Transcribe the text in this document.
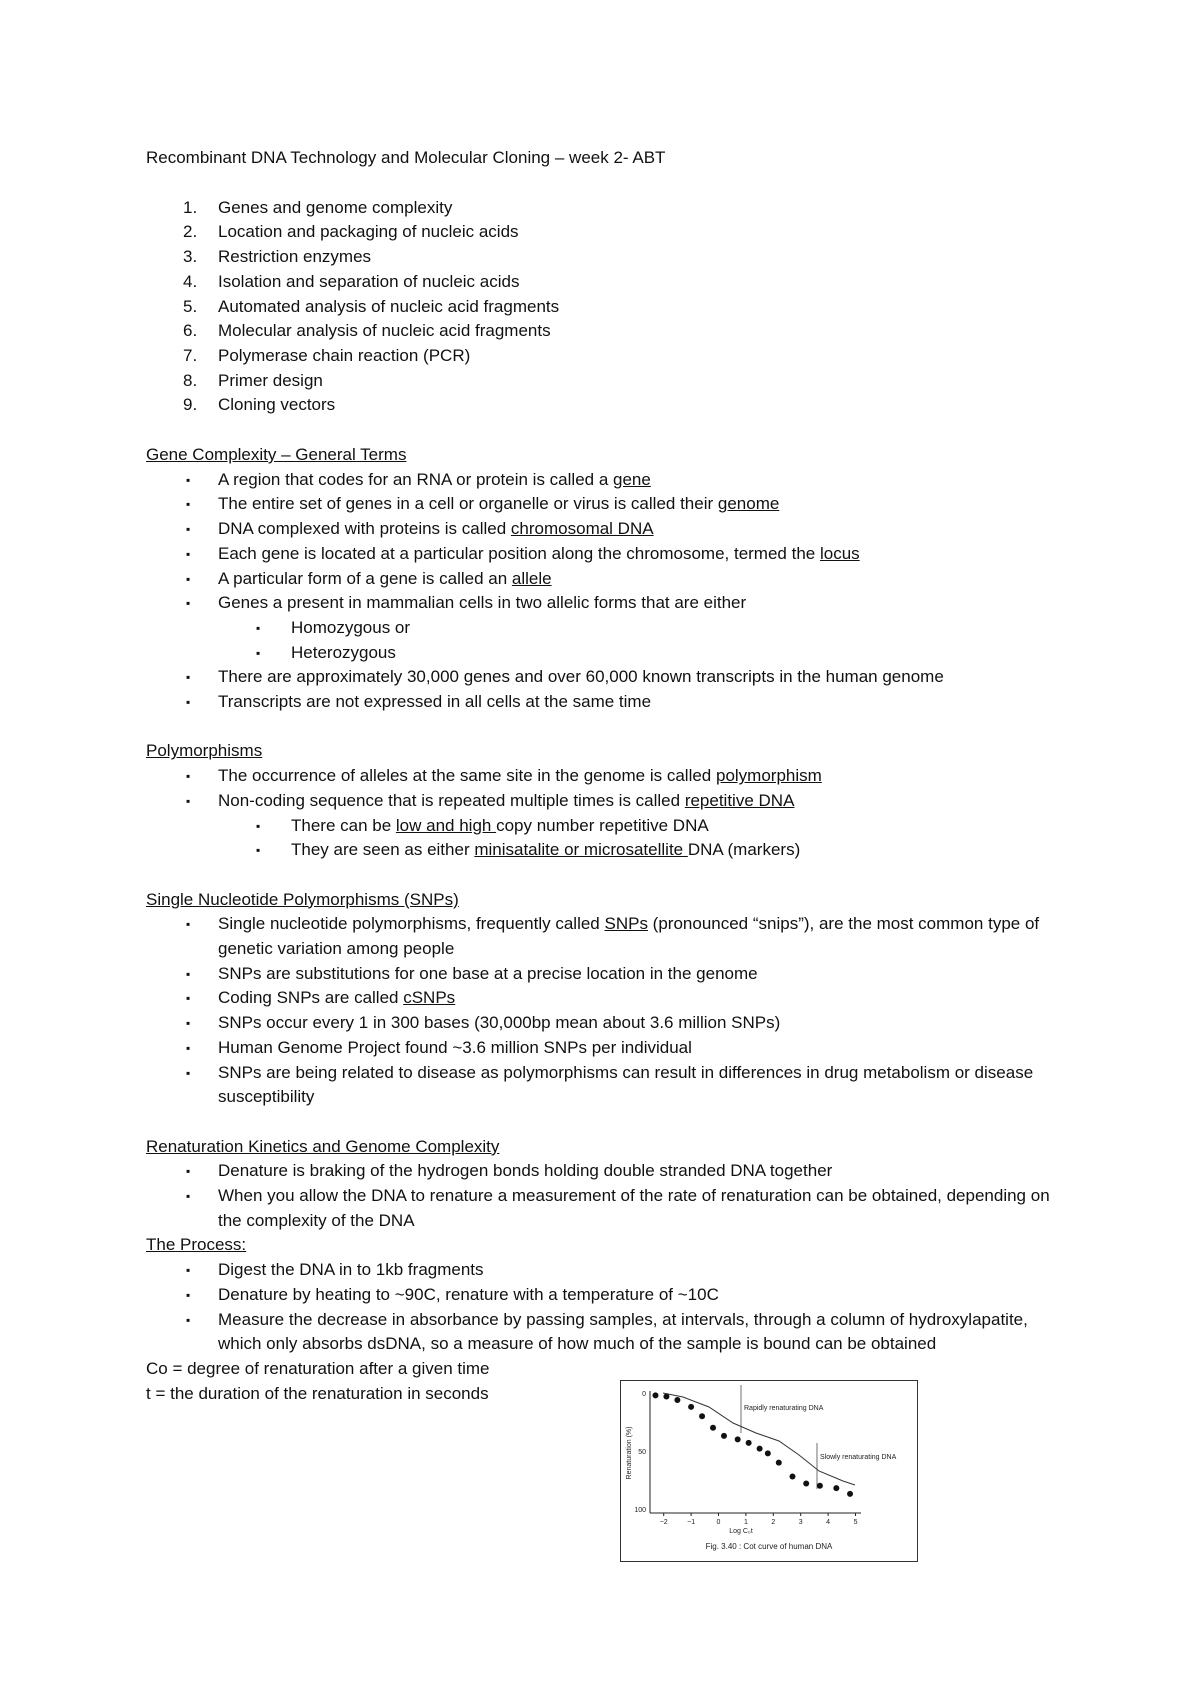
Recombinant DNA Technology and Molecular Cloning – week 2- ABT
1. Genes and genome complexity
2. Location and packaging of nucleic acids
3. Restriction enzymes
4. Isolation and separation of nucleic acids
5. Automated analysis of nucleic acid fragments
6. Molecular analysis of nucleic acid fragments
7. Polymerase chain reaction (PCR)
8. Primer design
9. Cloning vectors
Gene Complexity – General Terms
▪ A region that codes for an RNA or protein is called a gene
▪ The entire set of genes in a cell or organelle or virus is called their genome
▪ DNA complexed with proteins is called chromosomal DNA
▪ Each gene is located at a particular position along the chromosome, termed the locus
▪ A particular form of a gene is called an allele
▪ Genes a present in mammalian cells in two allelic forms that are either
▪ Homozygous or
▪ Heterozygous
▪ There are approximately 30,000 genes and over 60,000 known transcripts in the human genome
▪ Transcripts are not expressed in all cells at the same time
Polymorphisms
▪ The occurrence of alleles at the same site in the genome is called polymorphism
▪ Non-coding sequence that is repeated multiple times is called repetitive DNA
▪ There can be low and high copy number repetitive DNA
▪ They are seen as either minisatalite or microsatellite DNA (markers)
Single Nucleotide Polymorphisms (SNPs)
▪ Single nucleotide polymorphisms, frequently called SNPs (pronounced “snips”), are the most common type of genetic variation among people
▪ SNPs are substitutions for one base at a precise location in the genome
▪ Coding SNPs are called cSNPs
▪ SNPs occur every 1 in 300 bases (30,000bp mean about 3.6 million SNPs)
▪ Human Genome Project found ~3.6 million SNPs per individual
▪ SNPs are being related to disease as polymorphisms can result in differences in drug metabolism or disease susceptibility
Renaturation Kinetics and Genome Complexity
▪ Denature is braking of the hydrogen bonds holding double stranded DNA together
▪ When you allow the DNA to renature a measurement of the rate of renaturation can be obtained, depending on the complexity of the DNA
The Process:
▪ Digest the DNA in to 1kb fragments
▪ Denature by heating to ~90C, renature with a temperature of ~10C
▪ Measure the decrease in absorbance by passing samples, at intervals, through a column of hydroxylapatite, which only absorbs dsDNA, so a measure of how much of the sample is bound can be obtained
Co = degree of renaturation after a given time
t = the duration of the renaturation in seconds
−2	−1	0	1	2	3	4	5
0
50
100
Rapidly renaturating DNA
Slowly renaturating DNA
Log C₀t
Renaturation (%)
Fig. 3.40 : Cot curve of human DNA
